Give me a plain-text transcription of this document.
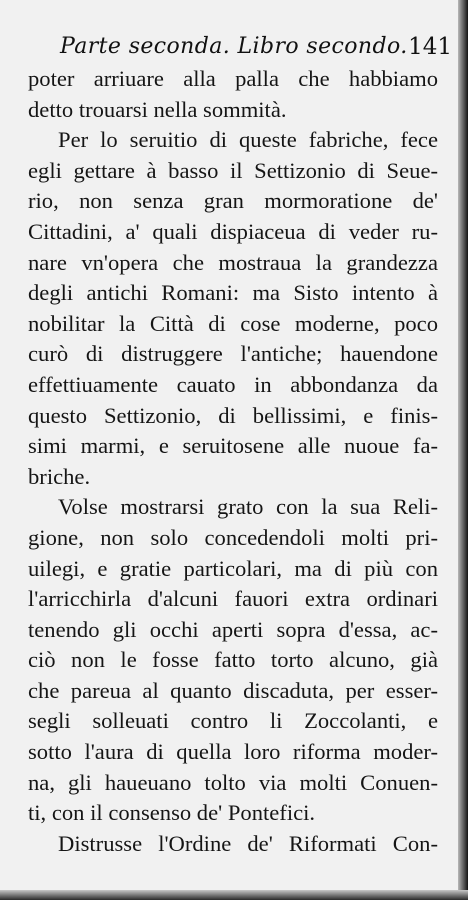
Parte seconda. Libro secondo. 141
poter arriuare alla palla che habbiamo
detto trouarsi nella sommità.
Per lo seruitio di queste fabriche, fece
egli gettare à basso il Settizonio di Seue-
rio, non senza gran mormoratione de'
Cittadini, a' quali dispiaceua di veder ru-
nare vn'opera che mostraua la grandezza
degli antichi Romani: ma Sisto intento à
nobilitar la Città di cose moderne, poco
curò di distruggere l'antiche; hauendone
effettiuamente cauato in abbondanza da
questo Settizonio, di bellissimi, e finis-
simi marmi, e seruitosene alle nuoue fa-
briche.
Volse mostrarsi grato con la sua Reli-
gione, non solo concedendoli molti pri-
uilegi, e gratie particolari, ma di più con
l'arricchirla d'alcuni fauori extra ordinari
tenendo gli occhi aperti sopra d'essa, ac-
ciò non le fosse fatto torto alcuno, già
che pareua al quanto discaduta, per esser-
segli solleuati contro li Zoccolanti, e
sotto l'aura di quella loro riforma moder-
na, gli haueuano tolto via molti Conuen-
ti, con il consenso de' Pontefici.
Distrusse l'Ordine de' Riformati Con-
